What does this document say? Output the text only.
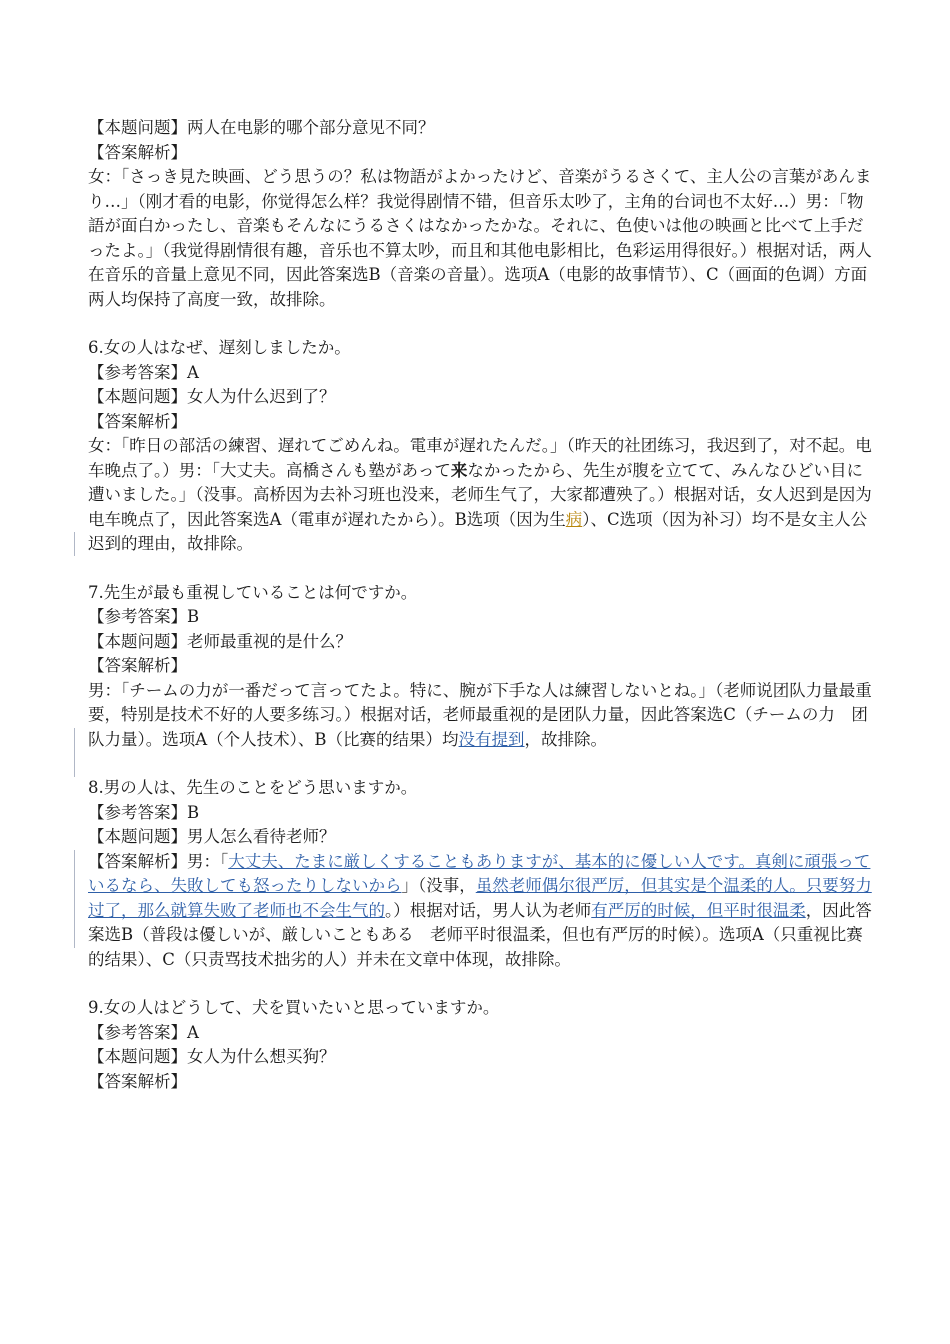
【本题问题】两人在电影的哪个部分意见不同？

【答案解析】

女：「さっき見た映画、どう思うの？私は物語がよかったけど、音楽がうるさくて、主人公の言葉があんまり…」（刚才看的电影，你觉得怎么样？我觉得剧情不错，但音乐太吵了，主角的台词也不太好…）男：「物語が面白かったし、音楽もそんなにうるさくはなかったかな。それに、色使いは他の映画と比べて上手だったよ。」（我觉得剧情很有趣，音乐也不算太吵，而且和其他电影相比，色彩运用得很好。）根据对话，两人在音乐的音量上意见不同，因此答案选B（音楽の音量）。选项A（电影的故事情节）、C（画面的色调）方面两人均保持了高度一致，故排除。

6.女の人はなぜ、遅刻しましたか。

【参考答案】A

【本题问题】女人为什么迟到了？

【答案解析】

女：「昨日の部活の練習、遅れてごめんね。電車が遅れたんだ。」（昨天的社团练习，我迟到了，对不起。电车晚点了。）男：「大丈夫。高橋さんも塾があって来なかったから、先生が腹を立てて、みんなひどい目に遭いました。」（没事。高桥因为去补习班也没来，老师生气了，大家都遭殃了。）根据对话，女人迟到是因为电车晚点了，因此答案选A（電車が遅れたから）。B选项（因为生病）、C选项（因为补习）均不是女主人公迟到的理由，故排除。

7.先生が最も重視していることは何ですか。

【参考答案】B

【本题问题】老师最重视的是什么？

【答案解析】

男：「チームの力が一番だって言ってたよ。特に、腕が下手な人は練習しないとね。」（老师说团队力量最重要，特别是技术不好的人要多练习。）根据对话，老师最重视的是团队力量，因此答案选C（チームの力　团队力量）。选项A（个人技术）、B（比赛的结果）均没有提到，故排除。

8.男の人は、先生のことをどう思いますか。

【参考答案】B

【本题问题】男人怎么看待老师？

【答案解析】男：「大丈夫、たまに厳しくすることもありますが、基本的に優しい人です。真剣に頑張っているなら、失敗しても怒ったりしないから」（没事，虽然老师偶尔很严厉，但其实是个温柔的人。只要努力过了，那么就算失败了老师也不会生气的。）根据对话，男人认为老师有严厉的时候，但平时很温柔，因此答案选B（普段は優しいが、厳しいこともある　老师平时很温柔，但也有严厉的时候）。选项A（只重视比赛的结果）、C（只责骂技术拙劣的人）并未在文章中体现，故排除。

9.女の人はどうして、犬を買いたいと思っていますか。

【参考答案】A

【本题问题】女人为什么想买狗？

【答案解析】
